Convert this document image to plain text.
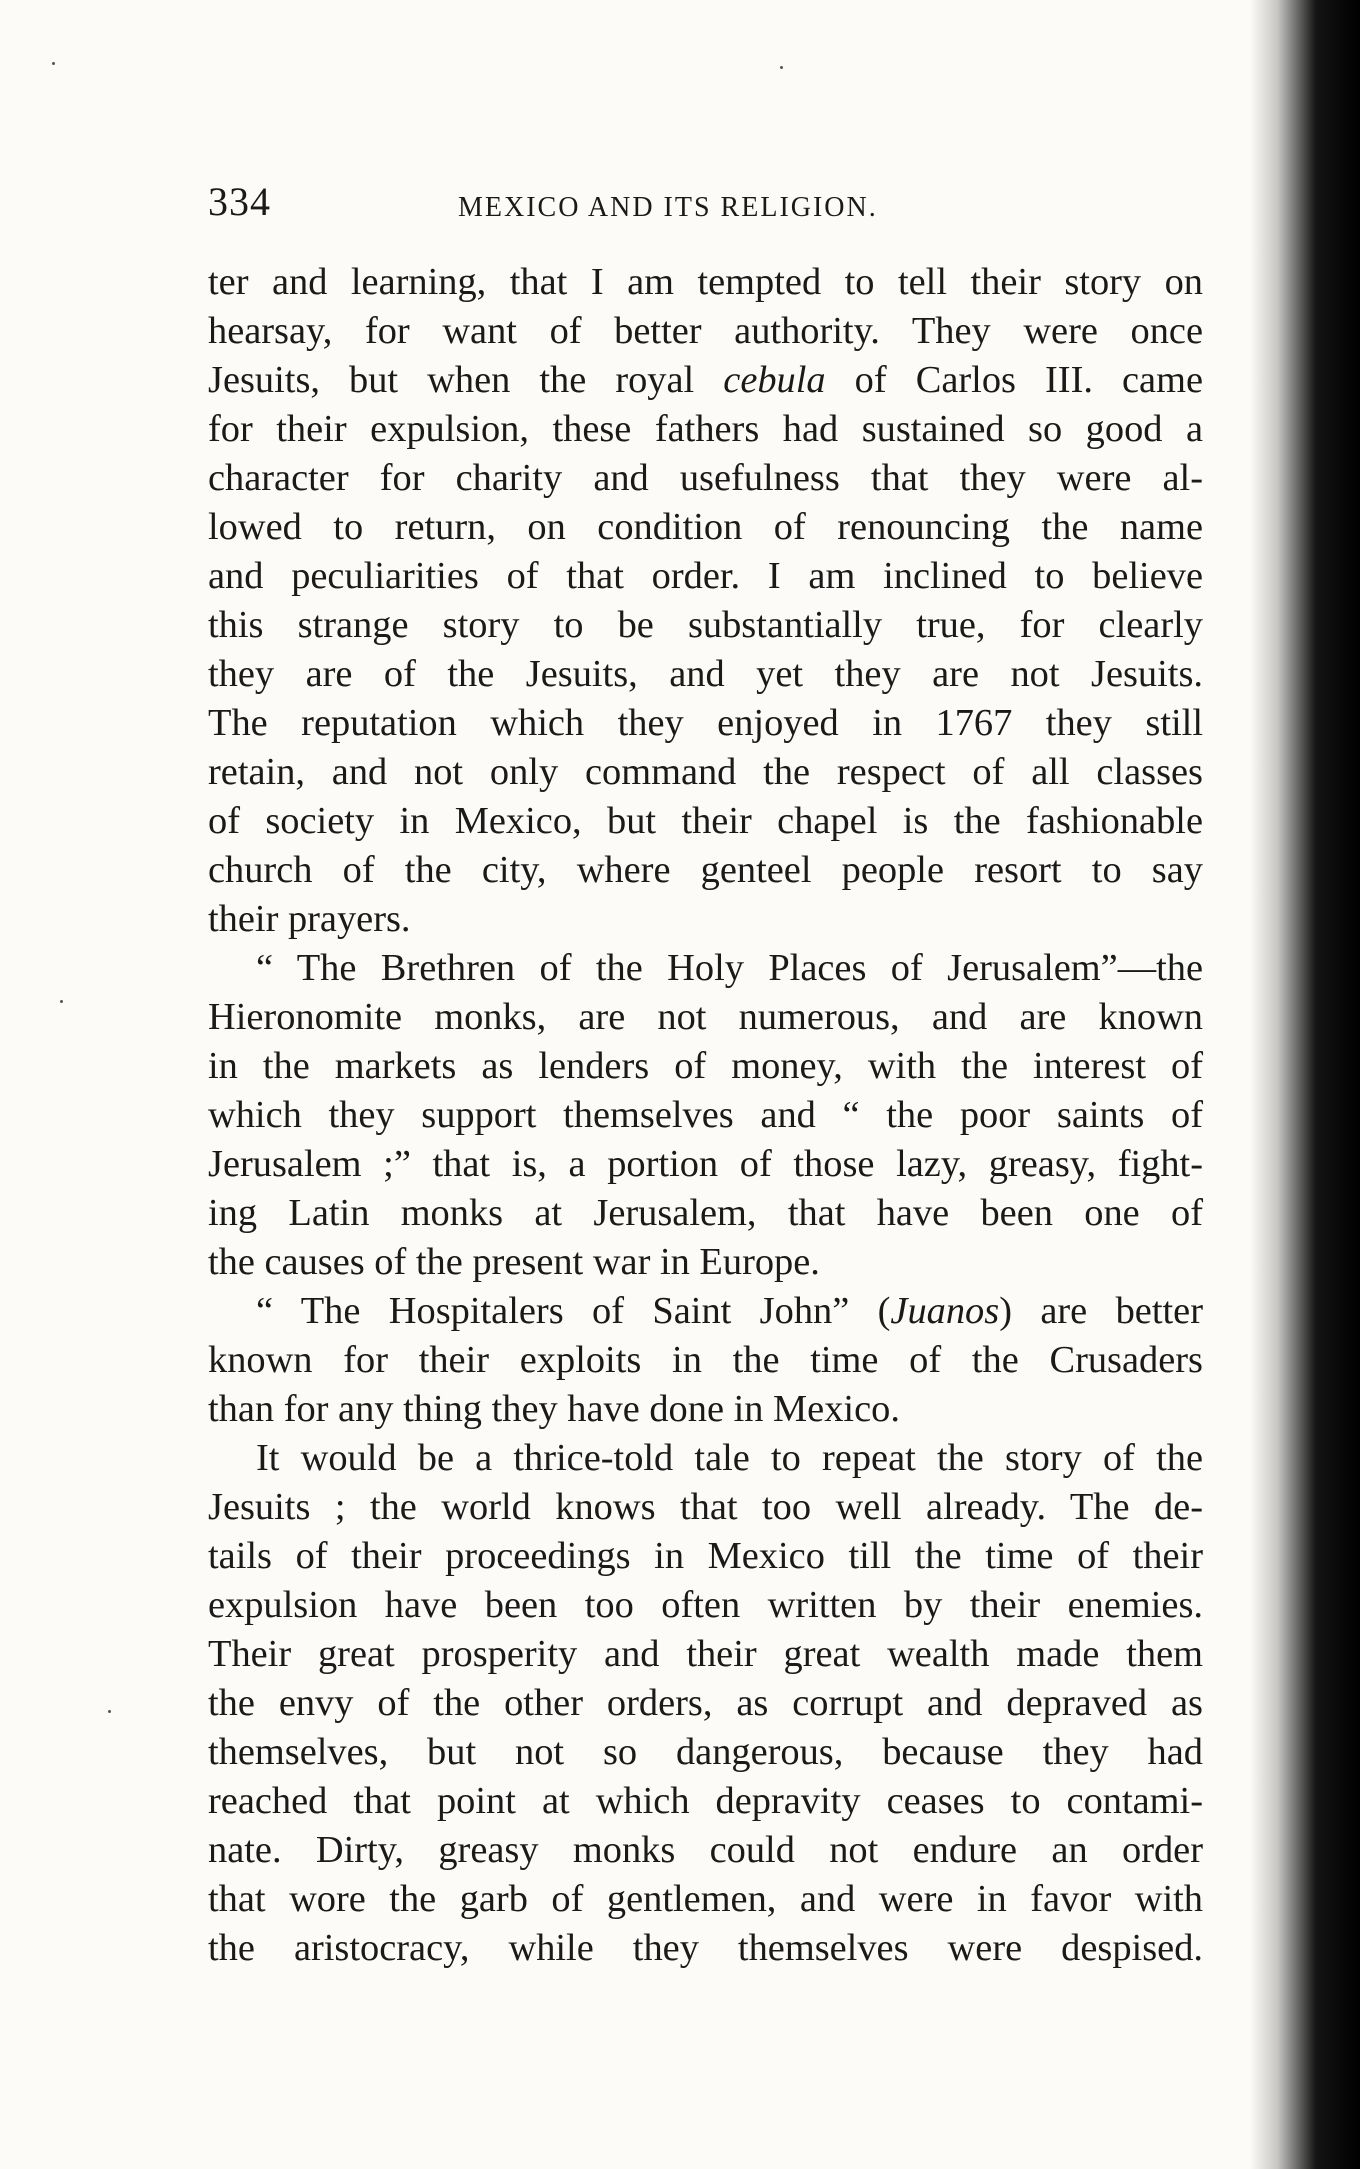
334	MEXICO AND ITS RELIGION.
ter and learning, that I am tempted to tell their story on
hearsay, for want of better authority. They were once
Jesuits, but when the royal cebula of Carlos III. came
for their expulsion, these fathers had sustained so good a
character for charity and usefulness that they were al-
lowed to return, on condition of renouncing the name
and peculiarities of that order. I am inclined to believe
this strange story to be substantially true, for clearly
they are of the Jesuits, and yet they are not Jesuits.
The reputation which they enjoyed in 1767 they still
retain, and not only command the respect of all classes
of society in Mexico, but their chapel is the fashionable
church of the city, where genteel people resort to say
their prayers.
“ The Brethren of the Holy Places of Jerusalem”—the
Hieronomite monks, are not numerous, and are known
in the markets as lenders of money, with the interest of
which they support themselves and “ the poor saints of
Jerusalem ;” that is, a portion of those lazy, greasy, fight-
ing Latin monks at Jerusalem, that have been one of
the causes of the present war in Europe.
“ The Hospitalers of Saint John” (Juanos) are better
known for their exploits in the time of the Crusaders
than for any thing they have done in Mexico.
It would be a thrice-told tale to repeat the story of the
Jesuits ; the world knows that too well already. The de-
tails of their proceedings in Mexico till the time of their
expulsion have been too often written by their enemies.
Their great prosperity and their great wealth made them
the envy of the other orders, as corrupt and depraved as
themselves, but not so dangerous, because they had
reached that point at which depravity ceases to contami-
nate. Dirty, greasy monks could not endure an order
that wore the garb of gentlemen, and were in favor with
the aristocracy, while they themselves were despised.
